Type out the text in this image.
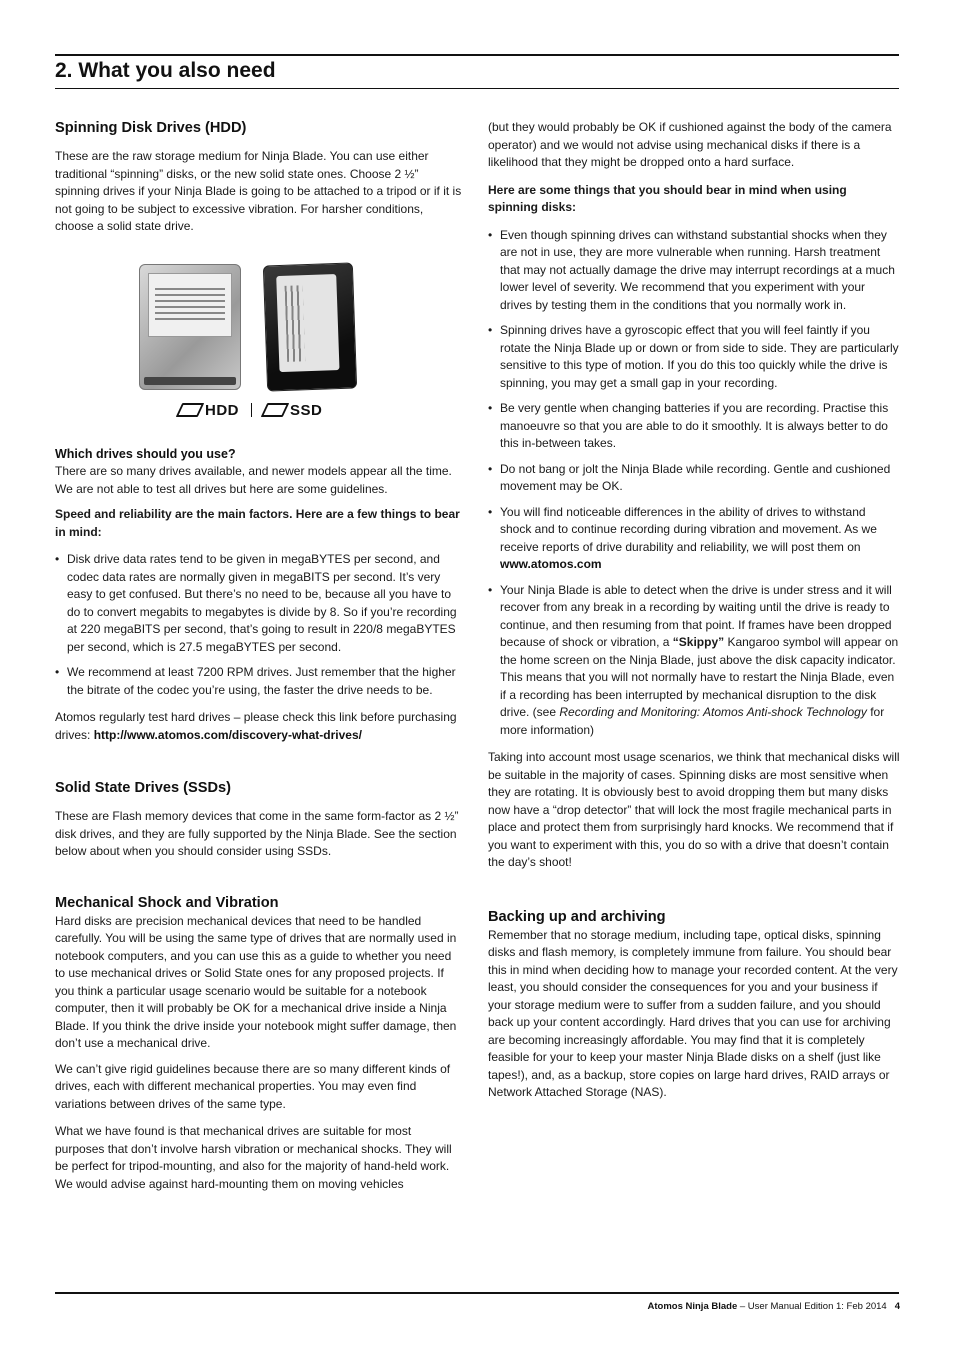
2. What you also need
Spinning Disk Drives (HDD)

These are the raw storage medium for Ninja Blade. You can use either traditional “spinning” disks, or the new solid state ones. Choose 2 ½” spinning drives if your Ninja Blade is going to be attached to a tripod or if it is not going to be subject to excessive vibration. For harsher conditions, choose a solid state drive.

HDD	SSD
Which drives should you use?

There are so many drives available, and newer models appear all the time. We are not able to test all drives but here are some guidelines.

Speed and reliability are the main factors. Here are a few things to bear in mind:

• Disk drive data rates tend to be given in megaBYTES per second, and codec data rates are normally given in megaBITS per second. It’s very easy to get confused. But there’s no need to be, because all you have to do to convert megabits to megabytes is divide by 8. So if you’re recording at 220 megaBITS per second, that’s going to result in 220/8 megaBYTES per second, which is 27.5 megaBYTES per second.
• We recommend at least 7200 RPM drives. Just remember that the higher the bitrate of the codec you’re using, the faster the drive needs to be.

Atomos regularly test hard drives – please check this link before purchasing drives: http://www.atomos.com/discovery-what-drives/

Solid State Drives (SSDs)

These are Flash memory devices that come in the same form-factor as 2 ½” disk drives, and they are fully supported by the Ninja Blade. See the section below about when you should consider using SSDs.

Mechanical Shock and Vibration

Hard disks are precision mechanical devices that need to be handled carefully. You will be using the same type of drives that are normally used in notebook computers, and you can use this as a guide to whether you need to use mechanical drives or Solid State ones for any proposed projects. If you think a particular usage scenario would be suitable for a notebook computer, then it will probably be OK for a mechanical drive inside a Ninja Blade. If you think the drive inside your notebook might suffer damage, then don’t use a mechanical drive.

We can’t give rigid guidelines because there are so many different kinds of drives, each with different mechanical properties. You may even find variations between drives of the same type.

What we have found is that mechanical drives are suitable for most purposes that don’t involve harsh vibration or mechanical shocks. They will be perfect for tripod-mounting, and also for the majority of hand-held work. We would advise against hard-mounting them on moving vehicles

(but they would probably be OK if cushioned against the body of the camera operator) and we would not advise using mechanical disks if there is a likelihood that they might be dropped onto a hard surface.

Here are some things that you should bear in mind when using spinning disks:

• Even though spinning drives can withstand substantial shocks when they are not in use, they are more vulnerable when running. Harsh treatment that may not actually damage the drive may interrupt recordings at a much lower level of severity. We recommend that you experiment with your drives by testing them in the conditions that you normally work in.
• Spinning drives have a gyroscopic effect that you will feel faintly if you rotate the Ninja Blade up or down or from side to side. They are particularly sensitive to this type of motion. If you do this too quickly while the drive is spinning, you may get a small gap in your recording.
• Be very gentle when changing batteries if you are recording. Practise this manoeuvre so that you are able to do it smoothly. It is always better to do this in-between takes.
• Do not bang or jolt the Ninja Blade while recording. Gentle and cushioned movement may be OK.
• You will find noticeable differences in the ability of drives to withstand shock and to continue recording during vibration and movement. As we receive reports of drive durability and reliability, we will post them on www.atomos.com
• Your Ninja Blade is able to detect when the drive is under stress and it will recover from any break in a recording by waiting until the drive is ready to continue, and then resuming from that point. If frames have been dropped because of shock or vibration, a “Skippy” Kangaroo symbol will appear on the home screen on the Ninja Blade, just above the disk capacity indicator. This means that you will not normally have to restart the Ninja Blade, even if a recording has been interrupted by mechanical disruption to the disk drive. (see Recording and Monitoring: Atomos Anti-shock Technology for more information)

Taking into account most usage scenarios, we think that mechanical disks will be suitable in the majority of cases. Spinning disks are most sensitive when they are rotating. It is obviously best to avoid dropping them but many disks now have a “drop detector” that will lock the most fragile mechanical parts in place and protect them from surprisingly hard knocks. We recommend that if you want to experiment with this, you do so with a drive that doesn’t contain the day’s shoot!

Backing up and archiving

Remember that no storage medium, including tape, optical disks, spinning disks and flash memory, is completely immune from failure. You should bear this in mind when deciding how to manage your recorded content. At the very least, you should consider the consequences for you and your business if your storage medium were to suffer from a sudden failure, and you should back up your content accordingly. Hard drives that you can use for archiving are becoming increasingly affordable. You may find that it is completely feasible for your to keep your master Ninja Blade disks on a shelf (just like tapes!), and, as a backup, store copies on large hard drives, RAID arrays or Network Attached Storage (NAS).

Atomos Ninja Blade – User Manual Edition 1: Feb 2014 4
